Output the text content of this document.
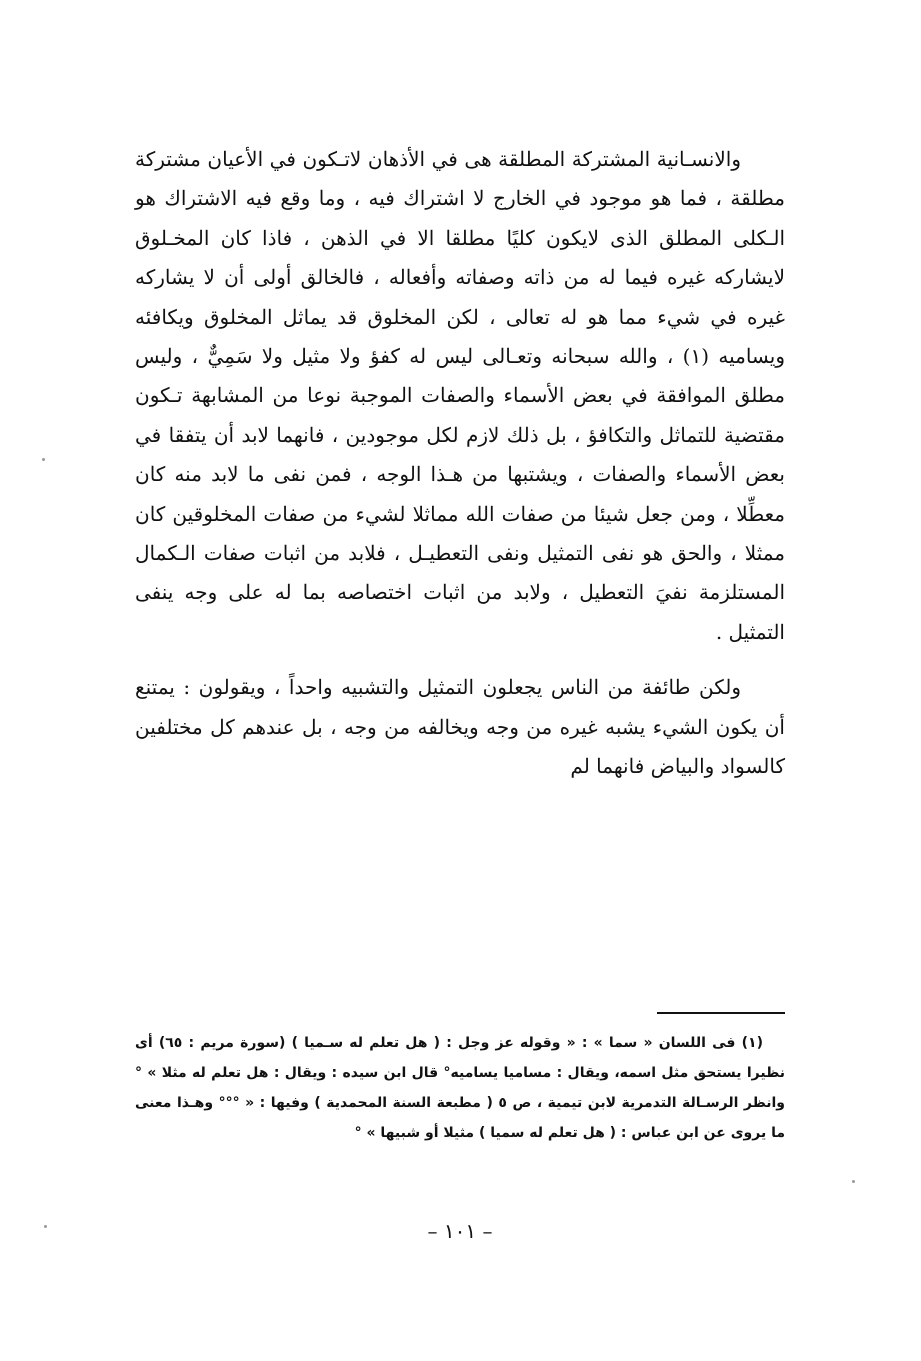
والانسـانية المشتركة المطلقة هى في الأذهان لاتـكون في الأعيان مشتركة مطلقة ، فما هو موجود في الخارج لا اشتراك فيه ، وما وقع فيه الاشتراك هو الـكلى المطلق الذى لايكون كليًا مطلقا الا في الذهن ، فاذا كان المخـلوق لايشاركه غيره فيما له من ذاته وصفاته وأفعاله ، فالخالق أولى أن لا يشاركه غيره في شيء مما هو له تعالى ، لكن المخلوق قد يماثل المخلوق ويكافئه ويساميه (١) ، والله سبحانه وتعـالى ليس له كفؤ ولا مثيل ولا سَمِيٌّ ، وليس مطلق الموافقة في بعض الأسماء والصفات الموجبة نوعا من المشابهة تـكون مقتضية للتماثل والتكافؤ ، بل ذلك لازم لكل موجودين ، فانهما لابد أن يتفقا في بعض الأسماء والصفات ، ويشتبها من هـذا الوجه ، فمن نفى ما لابد منه كان معطِّلا ، ومن جعل شيئا من صفات الله مماثلا لشيء من صفات المخلوقين كان ممثلا ، والحق هو نفى التمثيل ونفى التعطيـل ، فلابد من اثبات صفات الـكمال المستلزمة نفيَ التعطيل ، ولابد من اثبات اختصاصه بما له على وجه ينفى التمثيل .

ولكن طائفة من الناس يجعلون التمثيل والتشبيه واحداً ، ويقولون : يمتنع أن يكون الشيء يشبه غيره من وجه ويخالفه من وجه ، بل عندهم كل مختلفين كالسواد والبياض فانهما لم

(١) فى اللسان « سما » : « وقوله عز وجل : ( هل تعلم له سـميا ) (سورة مريم : ٦٥) أى نظيرا يستحق مثل اسمه، ويقال : مساميا يساميه° قال ابن سيده : ويقال : هل تعلم له مثلا » ° وانظر الرسـالة التدمرية لابن تيمية ، ص ٥ ( مطبعة السنة المحمدية ) وفيها : « °°° وهـذا معنى ما يروى عن ابن عباس : ( هل تعلم له سميا ) مثيلا أو شبيها » °

– ١٠١ –
